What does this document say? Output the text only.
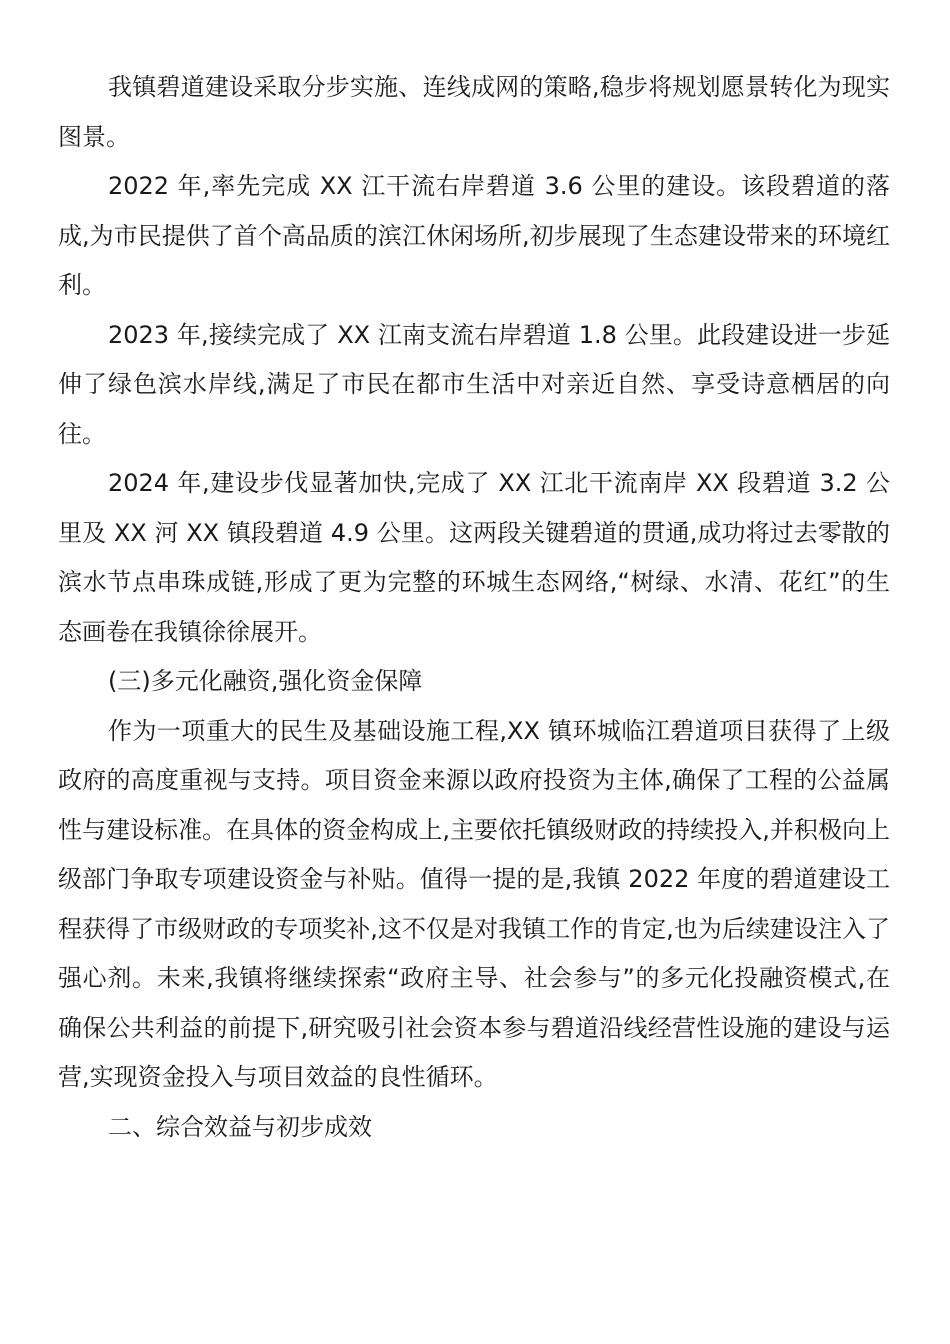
我镇碧道建设采取分步实施、连线成网的策略,稳步将规划愿景转化为现实图景。

2022 年,率先完成 XX 江干流右岸碧道 3.6 公里的建设。该段碧道的落成,为市民提供了首个高品质的滨江休闲场所,初步展现了生态建设带来的环境红利。

2023 年,接续完成了 XX 江南支流右岸碧道 1.8 公里。此段建设进一步延伸了绿色滨水岸线,满足了市民在都市生活中对亲近自然、享受诗意栖居的向往。

2024 年,建设步伐显著加快,完成了 XX 江北干流南岸 XX 段碧道 3.2 公里及 XX 河 XX 镇段碧道 4.9 公里。这两段关键碧道的贯通,成功将过去零散的滨水节点串珠成链,形成了更为完整的环城生态网络,“树绿、水清、花红”的生态画卷在我镇徐徐展开。

(三)多元化融资,强化资金保障

作为一项重大的民生及基础设施工程,XX 镇环城临江碧道项目获得了上级政府的高度重视与支持。项目资金来源以政府投资为主体,确保了工程的公益属性与建设标准。在具体的资金构成上,主要依托镇级财政的持续投入,并积极向上级部门争取专项建设资金与补贴。值得一提的是,我镇 2022 年度的碧道建设工程获得了市级财政的专项奖补,这不仅是对我镇工作的肯定,也为后续建设注入了强心剂。未来,我镇将继续探索“政府主导、社会参与”的多元化投融资模式,在确保公共利益的前提下,研究吸引社会资本参与碧道沿线经营性设施的建设与运营,实现资金投入与项目效益的良性循环。

二、综合效益与初步成效
